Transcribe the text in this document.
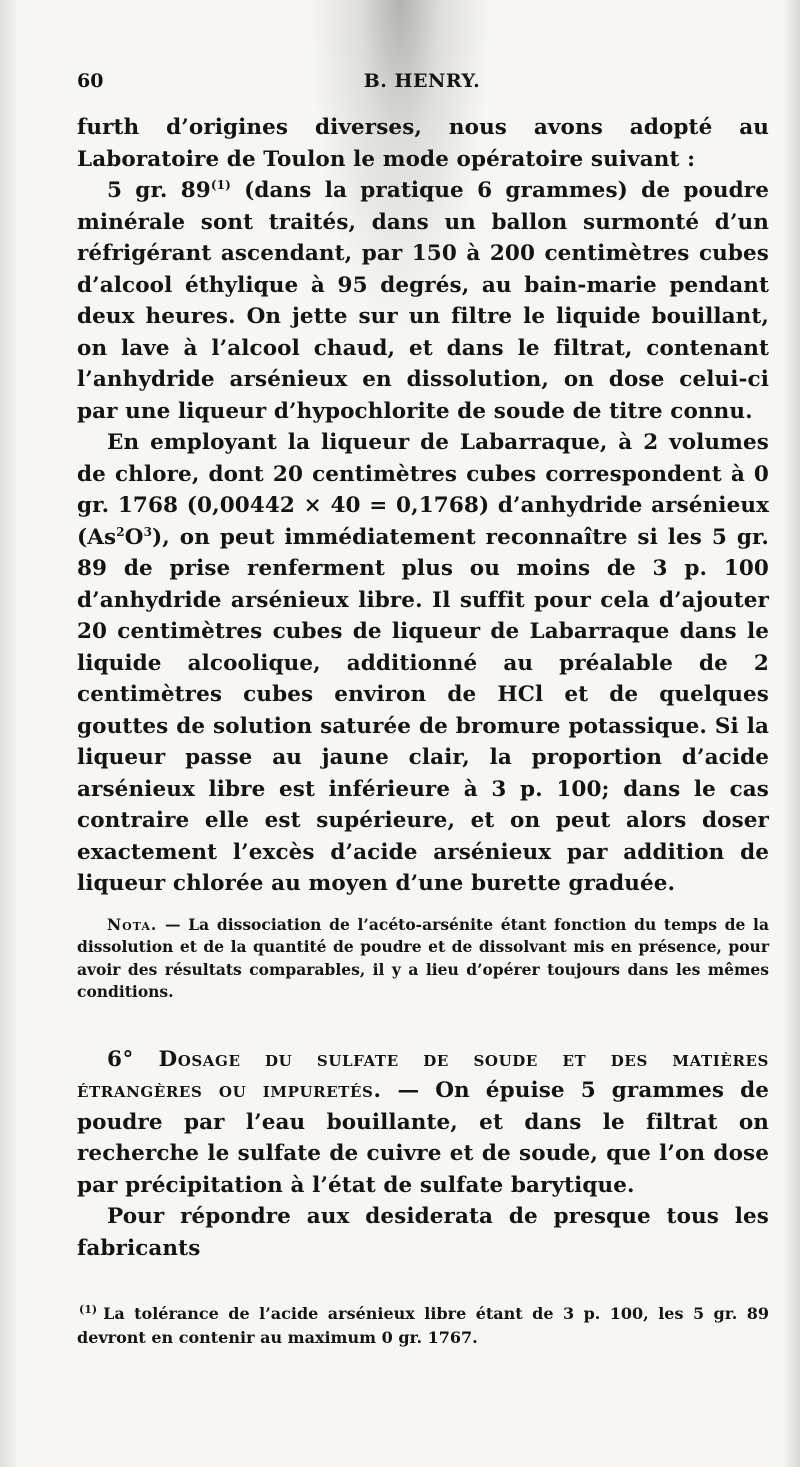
60	B. HENRY.

furth d’origines diverses, nous avons adopté au Laboratoire de Toulon le mode opératoire suivant :

5 gr. 89$^{(1)}$ (dans la pratique 6 grammes) de poudre minérale sont traités, dans un ballon surmonté d’un réfrigérant ascendant, par 150 à 200 centimètres cubes d’alcool éthylique à 95 degrés, au bain-marie pendant deux heures. On jette sur un filtre le liquide bouillant, on lave à l’alcool chaud, et dans le filtrat, contenant l’anhydride arsénieux en dissolution, on dose celui-ci par une liqueur d’hypochlorite de soude de titre connu.

En employant la liqueur de Labarraque, à 2 volumes de chlore, dont 20 centimètres cubes correspondent à 0 gr. 1768 (0,00442 × 40 = 0,1768) d’anhydride arsénieux $(As^2O^3)$, on peut immédiatement reconnaître si les 5 gr. 89 de prise renferment plus ou moins de 3 p. 100 d’anhydride arsénieux libre. Il suffit pour cela d’ajouter 20 centimètres cubes de liqueur de Labarraque dans le liquide alcoolique, additionné au préalable de 2 centimètres cubes environ de HCl et de quelques gouttes de solution saturée de bromure potassique. Si la liqueur passe au jaune clair, la proportion d’acide arsénieux libre est inférieure à 3 p. 100; dans le cas contraire elle est supérieure, et on peut alors doser exactement l’excès d’acide arsénieux par addition de liqueur chlorée au moyen d’une burette graduée.

Nota. — La dissociation de l’acéto-arsénite étant fonction du temps de la dissolution et de la quantité de poudre et de dissolvant mis en présence, pour avoir des résultats comparables, il y a lieu d’opérer toujours dans les mêmes conditions.

6° Dosage du sulfate de soude et des matières étrangères ou impuretés. — On épuise 5 grammes de poudre par l’eau bouillante, et dans le filtrat on recherche le sulfate de cuivre et de soude, que l’on dose par précipitation à l’état de sulfate barytique.

Pour répondre aux desiderata de presque tous les fabricants

$^{(1)}$ La tolérance de l’acide arsénieux libre étant de 3 p. 100, les 5 gr. 89 devront en contenir au maximum 0 gr. 1767.
